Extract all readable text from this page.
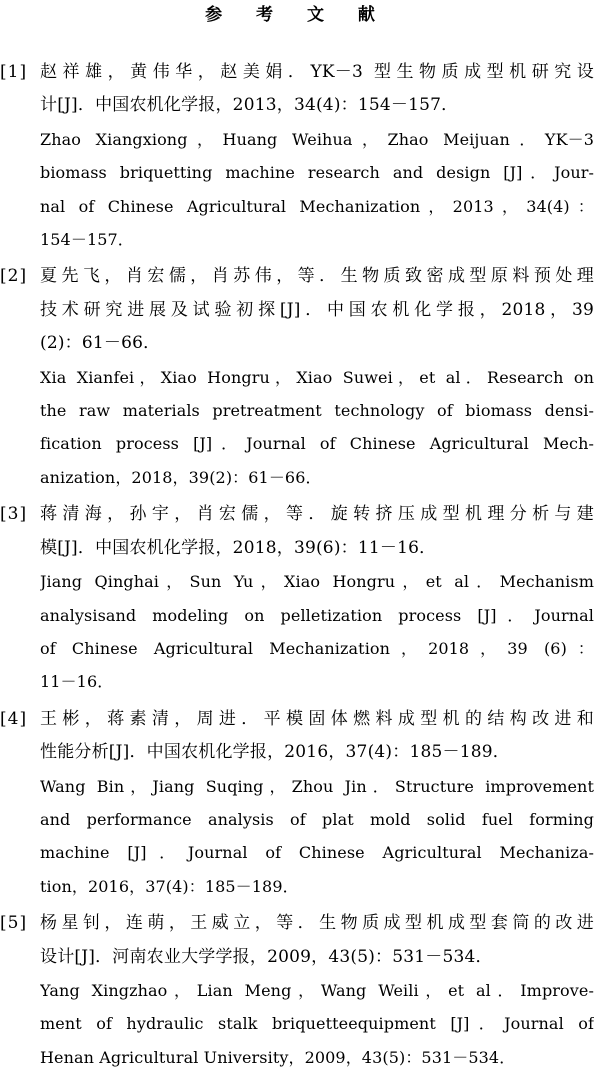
参 考 文 献
[1] 赵祥雄，黄伟华，赵美娟．YK－3 型生物质成型机研究设
计[J]．中国农机化学报，2013，34(4)：154－157．
Zhao Xiangxiong，Huang Weihua，Zhao Meijuan．YK－3
biomass briquetting machine research and design [J]．Jour-
nal of Chinese Agricultural Mechanization，2013，34(4)：
154－157．
[2] 夏先飞，肖宏儒，肖苏伟，等．生物质致密成型原料预处理
技术研究进展及试验初探[J]．中国农机化学报，2018，39
(2)：61－66．
Xia Xianfei，Xiao Hongru，Xiao Suwei，et al．Research on
the raw materials pretreatment technology of biomass densi-
fication process [J]．Journal of Chinese Agricultural Mech-
anization，2018，39(2)：61－66．
[3] 蒋清海，孙宇，肖宏儒，等．旋转挤压成型机理分析与建
模[J]．中国农机化学报，2018，39(6)：11－16．
Jiang Qinghai，Sun Yu，Xiao Hongru，et al．Mechanism
analysisand modeling on pelletization process [J]．Journal
of Chinese Agricultural Mechanization，2018，39 (6)：
11－16．
[4] 王彬，蒋素清，周进．平模固体燃料成型机的结构改进和
性能分析[J]．中国农机化学报，2016，37(4)：185－189．
Wang Bin，Jiang Suqing，Zhou Jin．Structure improvement
and performance analysis of plat mold solid fuel forming
machine [J]．Journal of Chinese Agricultural Mechaniza-
tion，2016，37(4)：185－189．
[5] 杨星钊，连萌，王威立，等．生物质成型机成型套筒的改进
设计[J]．河南农业大学学报，2009，43(5)：531－534．
Yang Xingzhao，Lian Meng，Wang Weili，et al．Improve-
ment of hydraulic stalk briquetteequipment [J]．Journal of
Henan Agricultural University，2009，43(5)：531－534．
